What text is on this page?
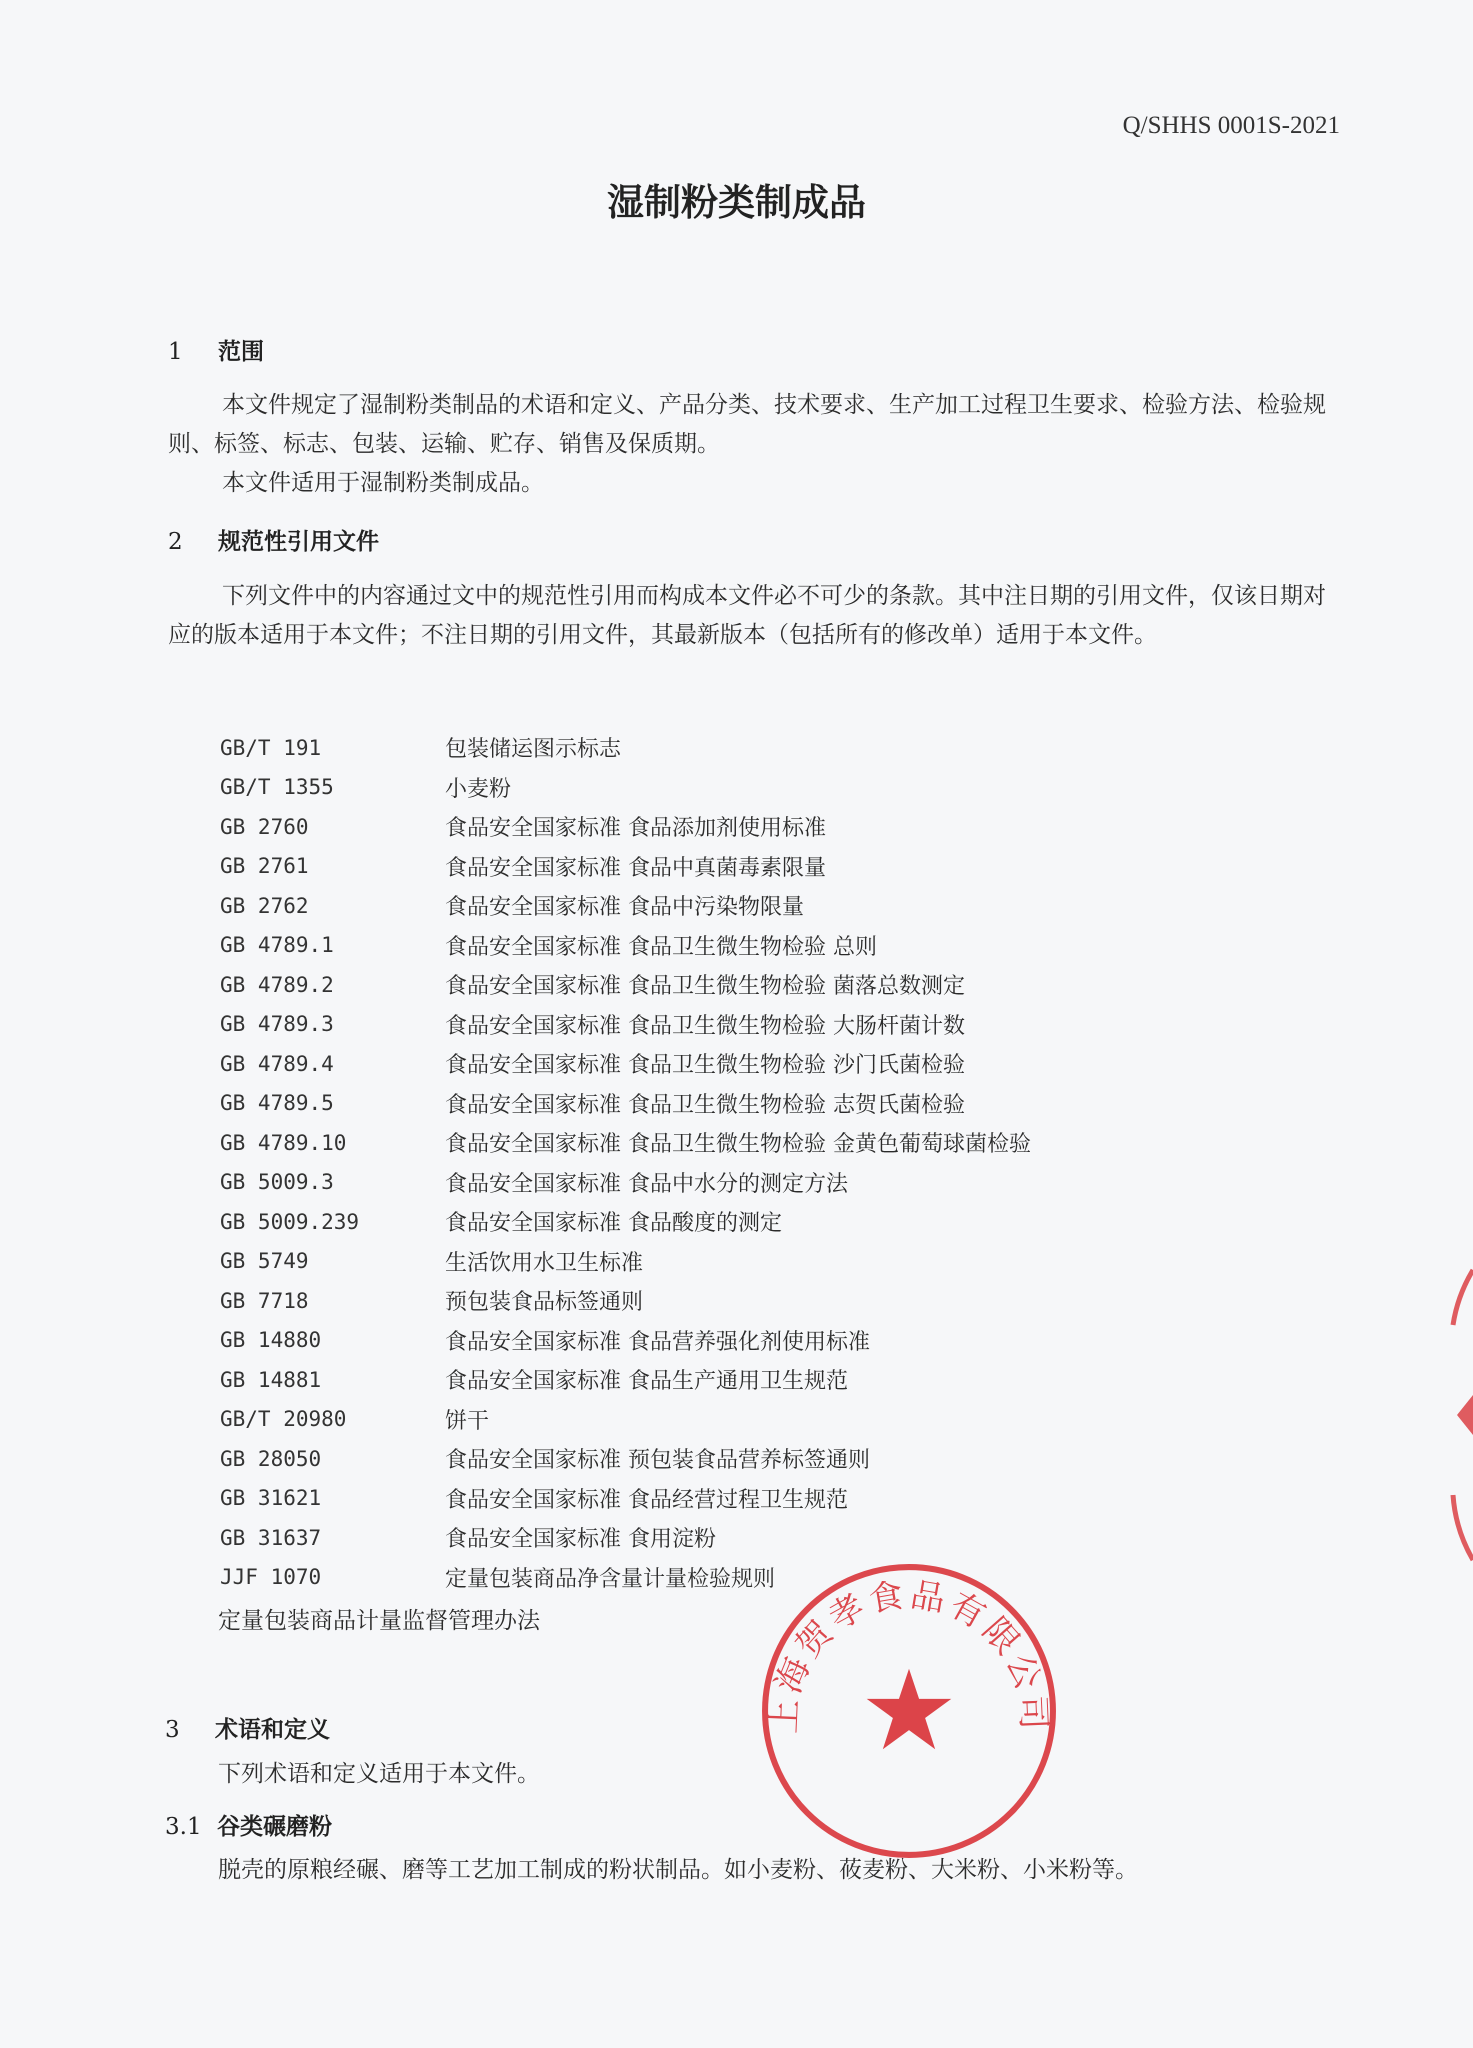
Q/SHHS 0001S-2021
湿制粉类制成品
1 范围
本文件规定了湿制粉类制品的术语和定义、产品分类、技术要求、生产加工过程卫生要求、检验方法、检验规则、标签、标志、包装、运输、贮存、销售及保质期。
本文件适用于湿制粉类制成品。
2 规范性引用文件
下列文件中的内容通过文中的规范性引用而构成本文件必不可少的条款。其中注日期的引用文件，仅该日期对应的版本适用于本文件；不注日期的引用文件，其最新版本（包括所有的修改单）适用于本文件。
GB/T 191	包装储运图示标志
GB/T 1355	小麦粉
GB 2760	食品安全国家标准 食品添加剂使用标准
GB 2761	食品安全国家标准 食品中真菌毒素限量
GB 2762	食品安全国家标准 食品中污染物限量
GB 4789.1	食品安全国家标准 食品卫生微生物检验 总则
GB 4789.2	食品安全国家标准 食品卫生微生物检验 菌落总数测定
GB 4789.3	食品安全国家标准 食品卫生微生物检验 大肠杆菌计数
GB 4789.4	食品安全国家标准 食品卫生微生物检验 沙门氏菌检验
GB 4789.5	食品安全国家标准 食品卫生微生物检验 志贺氏菌检验
GB 4789.10	食品安全国家标准 食品卫生微生物检验 金黄色葡萄球菌检验
GB 5009.3	食品安全国家标准 食品中水分的测定方法
GB 5009.239	食品安全国家标准 食品酸度的测定
GB 5749	生活饮用水卫生标准
GB 7718	预包装食品标签通则
GB 14880	食品安全国家标准 食品营养强化剂使用标准
GB 14881	食品安全国家标准 食品生产通用卫生规范
GB/T 20980	饼干
GB 28050	食品安全国家标准 预包装食品营养标签通则
GB 31621	食品安全国家标准 食品经营过程卫生规范
GB 31637	食品安全国家标准 食用淀粉
JJF 1070	定量包装商品净含量计量检验规则
定量包装商品计量监督管理办法
3 术语和定义
下列术语和定义适用于本文件。
3.1 谷类碾磨粉
脱壳的原粮经碾、磨等工艺加工制成的粉状制品。如小麦粉、莜麦粉、大米粉、小米粉等。
上海贺孝食品有限公司
